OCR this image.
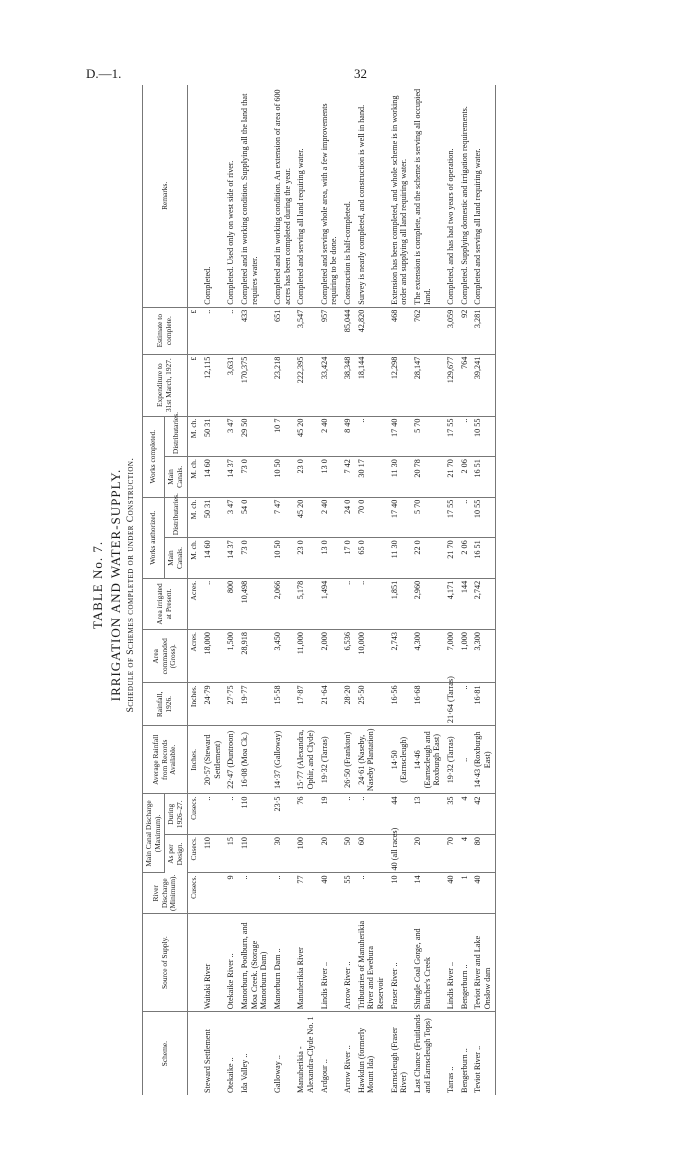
D.—1.	32
TABLE No. 7. IRRIGATION AND WATER-SUPPLY. Schedule of Schemes completed or under Construction.
Scheme.	Source of Supply.	River Discharge (Minimum).	Main Canal Discharge (Maximum).		Average Rainfall from Records Available.	Rainfall, 1926.	Area commanded (Gross).	Area irrigated at Present.	Works authorized.		Works completed.		Expenditure to 31st March, 1927.	Estimate to complete.	Remarks.
			As per Design.	During 1926–27.					Main Canals.	Distributaries.	Main Canals.	Distributaries.			
		Cusecs.	Cusecs.	Cusecs.	Inches.	Inches.	Acres.	Acres.	M. ch.	M. ch.	M. ch.	M. ch.	£	£	
Steward Settlement	Waitaki River		110	..	20·57 (Steward Settlement)	24·79	18,000	..	14 60	50 31	14 60	50 31	12,115	..	Completed.
Otekaike ..	Otekaike River ..	9	15	..	22·47 (Duntroon)	27·75	1,500	800	14 37	3 47	14 37	3 47	3,631	..	Completed. Used only on west side of river.
Ida Valley ..	Manorburn, Poolburn, and Moa Creek. (Storage Manorburn Dam)	..	110	110	16·08 (Moa Ck.)	19·77	28,918	10,498	73 0	54 0	73 0	29 50	170,375	433	Completed and in working condition. Supplying all the land that requires water.
Galloway ..	Manorburn Dam ..	..	30	23·5	14·37 (Galloway)	15·58	3,450	2,066	10 50	7 47	10 50	10 7	23,218	651	Completed and in working condition. An extension of area of 600 acres has been completed during the year.
Manuherikia - Alexandra-Clyde No. 1	Manuherikia River	77	100	76	15·77 (Alexandra, Ophir, and Clyde)	17·87	11,000	5,178	23 0	45 20	23 0	45 20	222,395	3,547	Completed and serving all land requiring water.
Ardgour ..	Lindis River ..	40	20	19	19·32 (Tarras)	21·64	2,000	1,494	13 0	2 40	13 0	2 40	33,424	957	Completed and serving whole area, with a few improvements requiring to be done.
Arrow River ..	Arrow River ..	55	50	..	26·50 (Frankton)	28·20	6,536	..	17 0	24 0	7 42	8 49	38,348	85,044	Construction is half-completed.
Hawkdun (formerly Mount Ida)	Tributaries of Manuherikia River and Ewebura Reservoir	..	60	..	24·61 (Naseby, Naseby Plantation)	25·50	10,000	..	65 0	70 0	30 17	..	18,144	42,820	Survey is nearly completed, and construction is well in hand.
Earnscleugh (Fraser River)	Fraser River ..	10	40 (all races)	44	14·50 (Earnscleugh)	16·56	2,743	1,851	11 30	17 40	11 30	17 40	12,298	468	Extension has been completed, and whole scheme is in working order and supplying all land requiring water.
Last Chance (Fruitlands and Earnscleugh Tops)	Shingle Coal Gorge, and Butcher's Creek	14	20	13	14·46 (Earnscleugh and Roxburgh East)	16·68	4,300	2,960	22 0	5 70	20 78	5 70	28,147	762	The extension is complete, and the scheme is serving all occupied land.
Tarras ..	Lindis River ..	40	70	35	19·32 (Tarras)	21·64 (Tarras)	7,000	4,171	21 70	17 55	21 70	17 55	129,677	3,059	Completed, and has had two years of operation.
Bengerburn ..	Bengerburn ..	1	4	4	..	..	1,000	144	2 06	..	2 06	..	764	92	Completed. Supplying domestic and irrigation requirements.
Teviot River ..	Teviot River and Lake Onslow dam	40	80	42	14·43 (Roxburgh East)	16·81	3,300	2,742	16 51	10 55	16 51	10 55	39,241	3,281	Completed and serving all land requiring water.
